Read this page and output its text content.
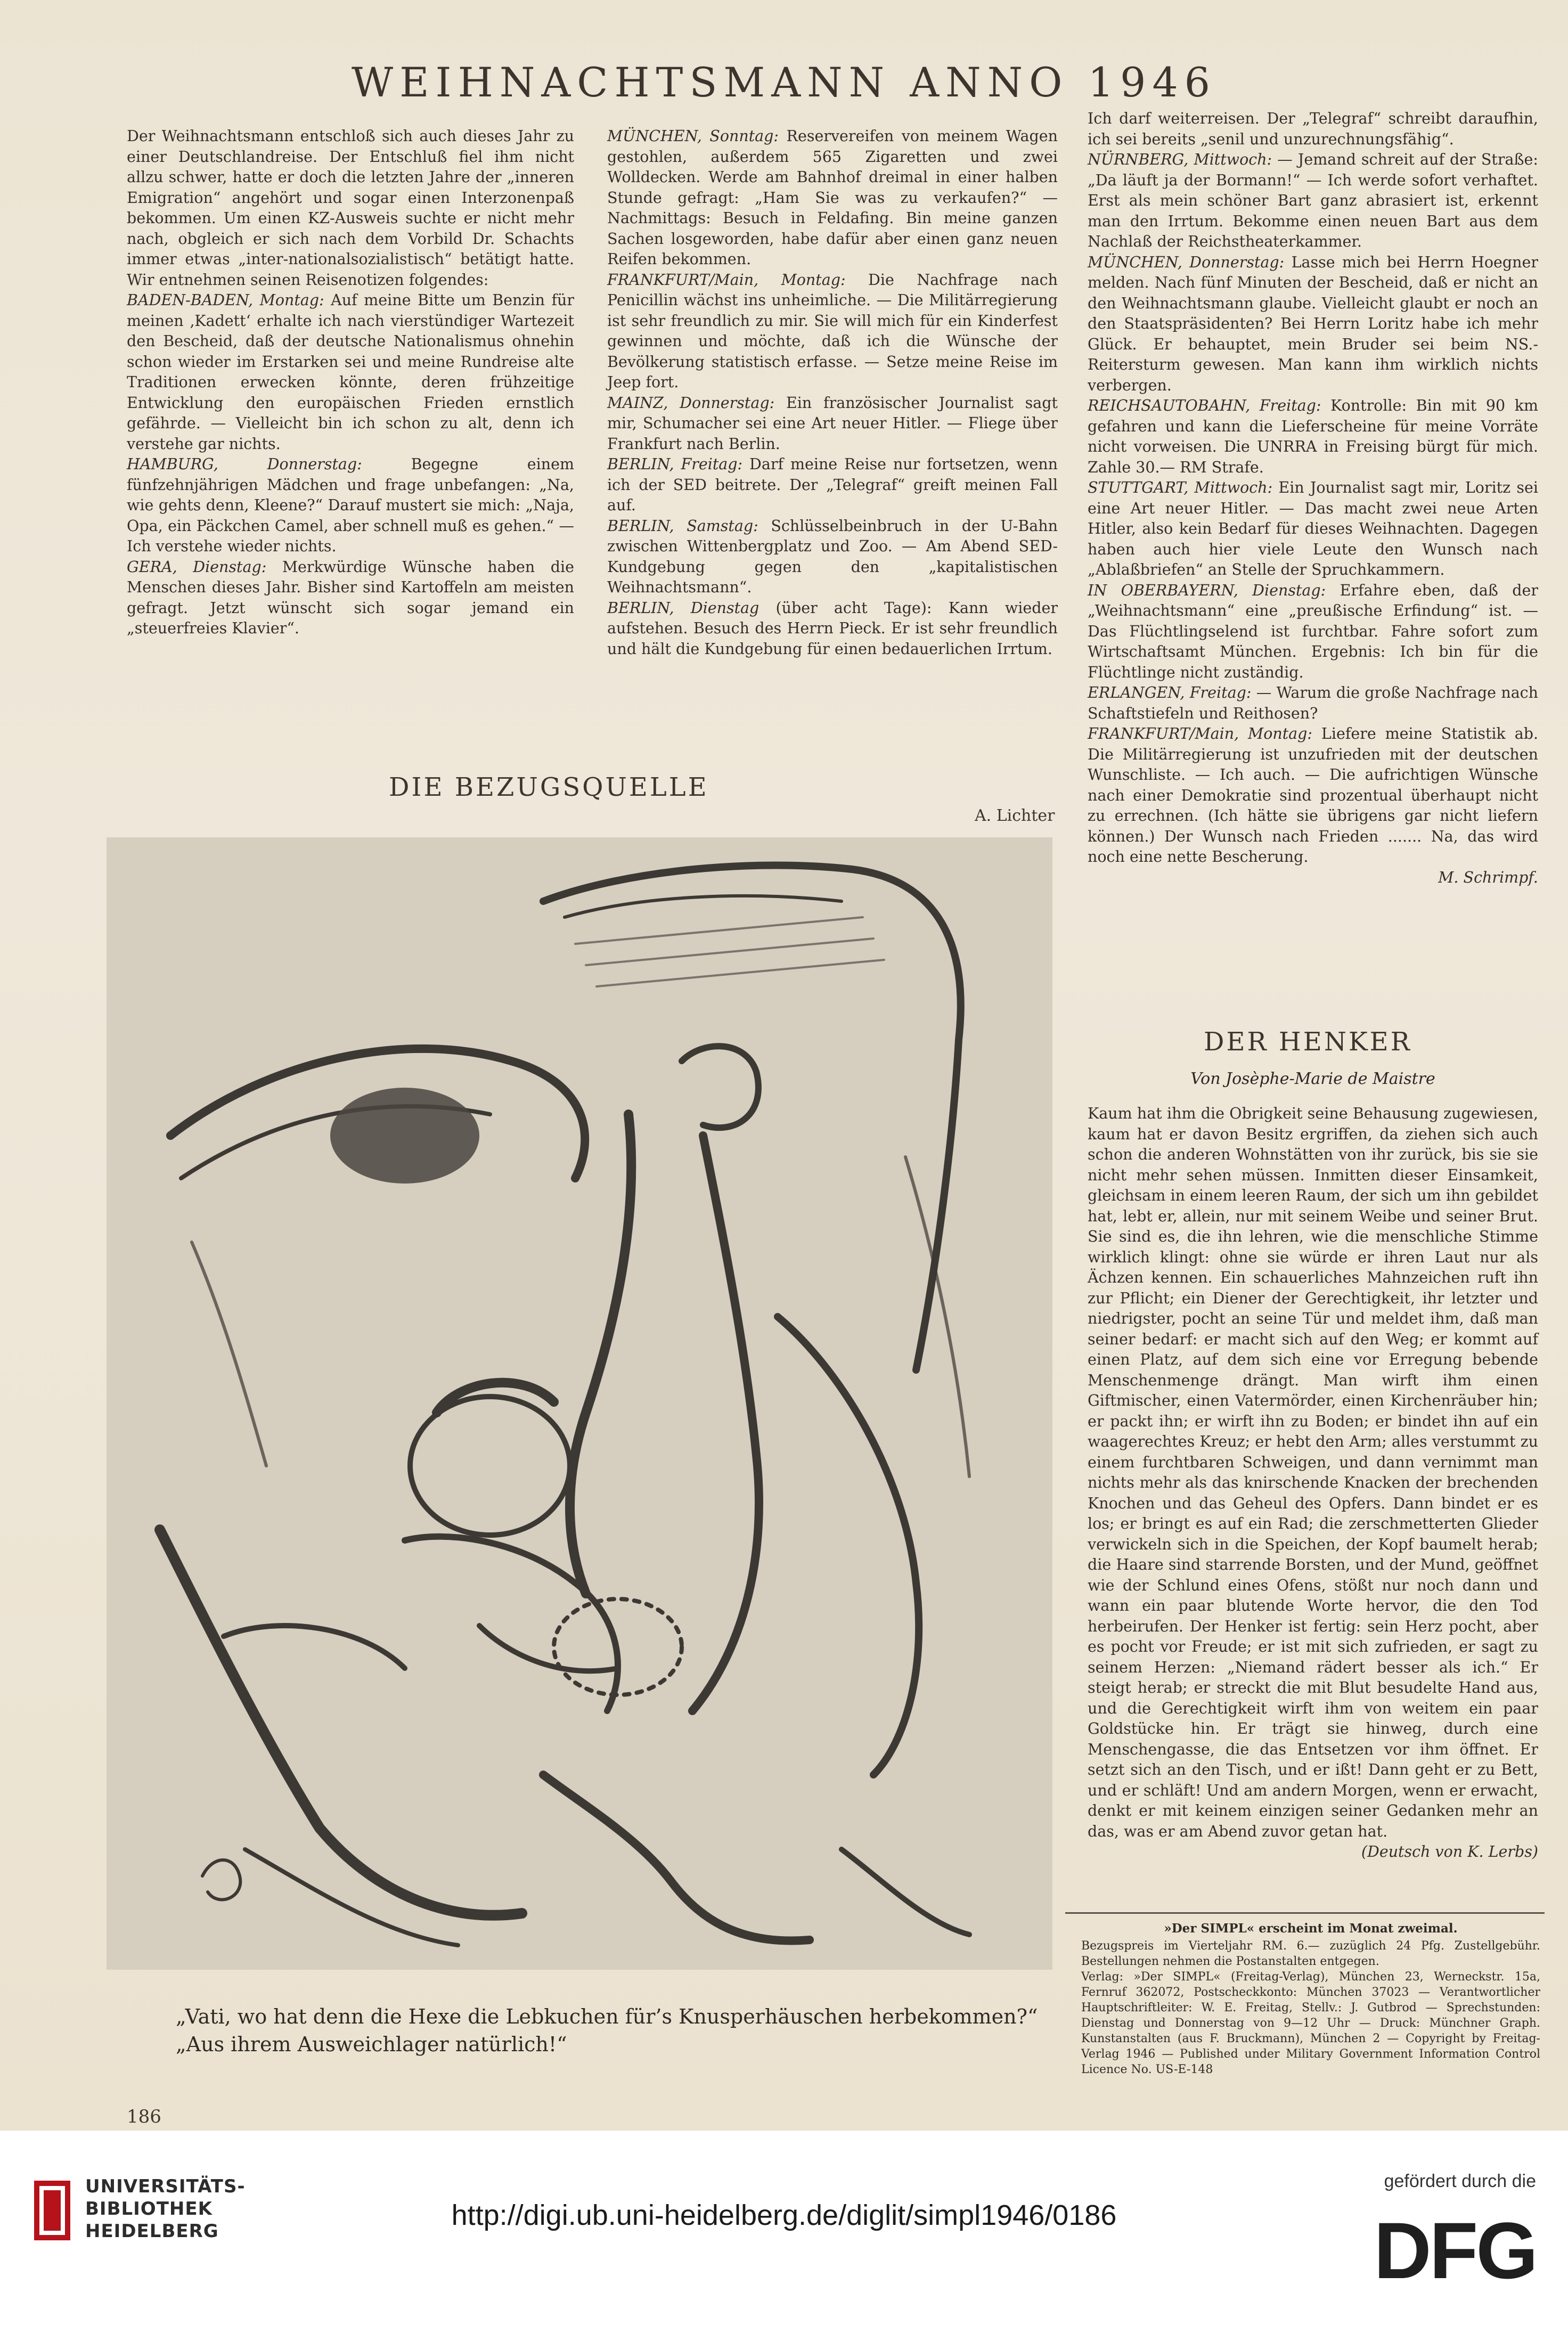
WEIHNACHTSMANN ANNO 1946

Der Weihnachtsmann entschloß sich auch dieses Jahr zu einer Deutschlandreise. Der Entschluß fiel ihm nicht allzu schwer, hatte er doch die letzten Jahre der „inneren Emigration“ angehört und sogar einen Interzonenpaß bekommen. Um einen KZ-Ausweis suchte er nicht mehr nach, obgleich er sich nach dem Vorbild Dr. Schachts immer etwas „inter-nationalsozialistisch“ betätigt hatte. Wir entnehmen seinen Reisenotizen folgendes:

BADEN-BADEN, Montag: Auf meine Bitte um Benzin für meinen ‚Kadett‘ erhalte ich nach vierstündiger Wartezeit den Bescheid, daß der deutsche Nationalismus ohnehin schon wieder im Erstarken sei und meine Rundreise alte Traditionen erwecken könnte, deren frühzeitige Entwicklung den europäischen Frieden ernstlich gefährde. — Vielleicht bin ich schon zu alt, denn ich verstehe gar nichts.

HAMBURG, Donnerstag: Begegne einem fünfzehnjährigen Mädchen und frage unbefangen: „Na, wie gehts denn, Kleene?“ Darauf mustert sie mich: „Naja, Opa, ein Päckchen Camel, aber schnell muß es gehen.“ — Ich verstehe wieder nichts.

GERA, Dienstag: Merkwürdige Wünsche haben die Menschen dieses Jahr. Bisher sind Kartoffeln am meisten gefragt. Jetzt wünscht sich sogar jemand ein „steuerfreies Klavier“.

MÜNCHEN, Sonntag: Reservereifen von meinem Wagen gestohlen, außerdem 565 Zigaretten und zwei Wolldecken. Werde am Bahnhof dreimal in einer halben Stunde gefragt: „Ham Sie was zu verkaufen?“ — Nachmittags: Besuch in Feldafing. Bin meine ganzen Sachen losgeworden, habe dafür aber einen ganz neuen Reifen bekommen.

FRANKFURT/Main, Montag: Die Nachfrage nach Penicillin wächst ins unheimliche. — Die Militärregierung ist sehr freundlich zu mir. Sie will mich für ein Kinderfest gewinnen und möchte, daß ich die Wünsche der Bevölkerung statistisch erfasse. — Setze meine Reise im Jeep fort.

MAINZ, Donnerstag: Ein französischer Journalist sagt mir, Schumacher sei eine Art neuer Hitler. — Fliege über Frankfurt nach Berlin.

BERLIN, Freitag: Darf meine Reise nur fortsetzen, wenn ich der SED beitrete. Der „Telegraf“ greift meinen Fall auf.

BERLIN, Samstag: Schlüsselbeinbruch in der U-Bahn zwischen Wittenbergplatz und Zoo. — Am Abend SED-Kundgebung gegen den „kapitalistischen Weihnachtsmann“.

BERLIN, Dienstag (über acht Tage): Kann wieder aufstehen. Besuch des Herrn Pieck. Er ist sehr freundlich und hält die Kundgebung für einen bedauerlichen Irrtum.

Ich darf weiterreisen. Der „Telegraf“ schreibt daraufhin, ich sei bereits „senil und unzurechnungsfähig“.

NÜRNBERG, Mittwoch: — Jemand schreit auf der Straße: „Da läuft ja der Bormann!“ — Ich werde sofort verhaftet. Erst als mein schöner Bart ganz abrasiert ist, erkennt man den Irrtum. Bekomme einen neuen Bart aus dem Nachlaß der Reichstheaterkammer.

MÜNCHEN, Donnerstag: Lasse mich bei Herrn Hoegner melden. Nach fünf Minuten der Bescheid, daß er nicht an den Weihnachtsmann glaube. Vielleicht glaubt er noch an den Staatspräsidenten? Bei Herrn Loritz habe ich mehr Glück. Er behauptet, mein Bruder sei beim NS.-Reitersturm gewesen. Man kann ihm wirklich nichts verbergen.

REICHSAUTOBAHN, Freitag: Kontrolle: Bin mit 90 km gefahren und kann die Lieferscheine für meine Vorräte nicht vorweisen. Die UNRRA in Freising bürgt für mich. Zahle 30.— RM Strafe.

STUTTGART, Mittwoch: Ein Journalist sagt mir, Loritz sei eine Art neuer Hitler. — Das macht zwei neue Arten Hitler, also kein Bedarf für dieses Weihnachten. Dagegen haben auch hier viele Leute den Wunsch nach „Ablaßbriefen“ an Stelle der Spruchkammern.

IN OBERBAYERN, Dienstag: Erfahre eben, daß der „Weihnachtsmann“ eine „preußische Erfindung“ ist. — Das Flüchtlingselend ist furchtbar. Fahre sofort zum Wirtschaftsamt München. Ergebnis: Ich bin für die Flüchtlinge nicht zuständig.

ERLANGEN, Freitag: — Warum die große Nachfrage nach Schaftstiefeln und Reithosen?

FRANKFURT/Main, Montag: Liefere meine Statistik ab. Die Militärregierung ist unzufrieden mit der deutschen Wunschliste. — Ich auch. — Die aufrichtigen Wünsche nach einer Demokratie sind prozentual überhaupt nicht zu errechnen. (Ich hätte sie übrigens gar nicht liefern können.) Der Wunsch nach Frieden ....... Na, das wird noch eine nette Bescherung.

M. Schrimpf.

DIE BEZUGSQUELLE
A. Lichter

„Vati, wo hat denn die Hexe die Lebkuchen für’s Knusperhäuschen herbekommen?“
„Aus ihrem Ausweichlager natürlich!“

DER HENKER
Von Josèphe-Marie de Maistre

Kaum hat ihm die Obrigkeit seine Behausung zugewiesen, kaum hat er davon Besitz ergriffen, da ziehen sich auch schon die anderen Wohnstätten von ihr zurück, bis sie sie nicht mehr sehen müssen. Inmitten dieser Einsamkeit, gleichsam in einem leeren Raum, der sich um ihn gebildet hat, lebt er, allein, nur mit seinem Weibe und seiner Brut. Sie sind es, die ihn lehren, wie die menschliche Stimme wirklich klingt: ohne sie würde er ihren Laut nur als Ächzen kennen. Ein schauerliches Mahnzeichen ruft ihn zur Pflicht; ein Diener der Gerechtigkeit, ihr letzter und niedrigster, pocht an seine Tür und meldet ihm, daß man seiner bedarf: er macht sich auf den Weg; er kommt auf einen Platz, auf dem sich eine vor Erregung bebende Menschenmenge drängt. Man wirft ihm einen Giftmischer, einen Vatermörder, einen Kirchenräuber hin; er packt ihn; er wirft ihn zu Boden; er bindet ihn auf ein waagerechtes Kreuz; er hebt den Arm; alles verstummt zu einem furchtbaren Schweigen, und dann vernimmt man nichts mehr als das knirschende Knacken der brechenden Knochen und das Geheul des Opfers. Dann bindet er es los; er bringt es auf ein Rad; die zerschmetterten Glieder verwickeln sich in die Speichen, der Kopf baumelt herab; die Haare sind starrende Borsten, und der Mund, geöffnet wie der Schlund eines Ofens, stößt nur noch dann und wann ein paar blutende Worte hervor, die den Tod herbeirufen. Der Henker ist fertig: sein Herz pocht, aber es pocht vor Freude; er ist mit sich zufrieden, er sagt zu seinem Herzen: „Niemand rädert besser als ich.“ Er steigt herab; er streckt die mit Blut besudelte Hand aus, und die Gerechtigkeit wirft ihm von weitem ein paar Goldstücke hin. Er trägt sie hinweg, durch eine Menschengasse, die das Entsetzen vor ihm öffnet. Er setzt sich an den Tisch, und er ißt! Dann geht er zu Bett, und er schläft! Und am andern Morgen, wenn er erwacht, denkt er mit keinem einzigen seiner Gedanken mehr an das, was er am Abend zuvor getan hat.

(Deutsch von K. Lerbs)

»Der SIMPL« erscheint im Monat zweimal.

Bezugspreis im Vierteljahr RM. 6.— zuzüglich 24 Pfg. Zustellgebühr. Bestellungen nehmen die Postanstalten entgegen.

Verlag: »Der SIMPL« (Freitag-Verlag), München 23, Werneckstr. 15a, Fernruf 362072, Postscheckkonto: München 37023 — Verantwortlicher Hauptschriftleiter: W. E. Freitag, Stellv.: J. Gutbrod — Sprechstunden: Dienstag und Donnerstag von 9—12 Uhr — Druck: Münchner Graph. Kunstanstalten (aus F. Bruckmann), München 2 — Copyright by Freitag-Verlag 1946 — Published under Military Government Information Control Licence No. US-E-148

186
UNIVERSITÄTS-
BIBLIOTHEK
HEIDELBERG	http://digi.ub.uni-heidelberg.de/diglit/simpl1946/0186
gefördert durch die
DFG
